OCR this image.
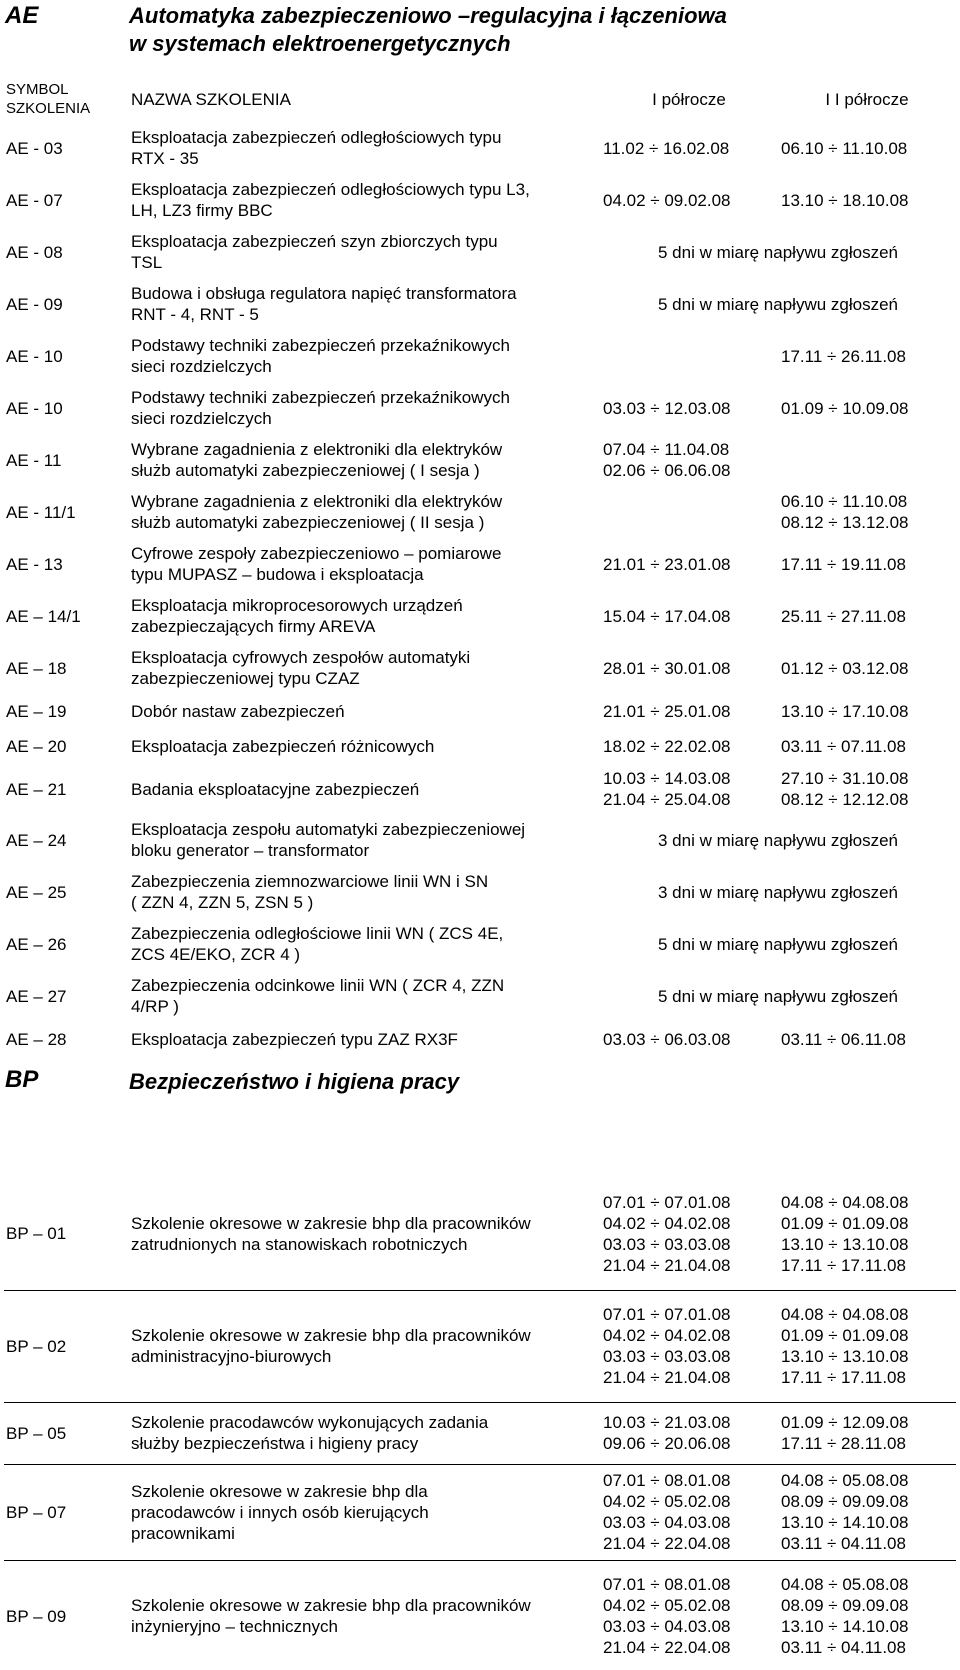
AE	Automatyka zabezpieczeniowo –regulacyjna i łączeniowa
w systemach elektroenergetycznych
SYMBOL
SZKOLENIA	NAZWA SZKOLENIA	I półrocze	I I półrocze
AE - 03	Eksploatacja zabezpieczeń odległościowych typu
RTX - 35	11.02 ÷ 16.02.08	06.10 ÷ 11.10.08

AE - 07	Eksploatacja zabezpieczeń odległościowych typu L3,
LH, LZ3 firmy BBC	04.02 ÷ 09.02.08	13.10 ÷ 18.10.08

AE - 08	Eksploatacja zabezpieczeń szyn zbiorczych typu
TSL	5 dni w miarę napływu zgłoszeń	
AE - 09	Budowa i obsługa regulatora napięć transformatora
RNT - 4, RNT - 5	5 dni w miarę napływu zgłoszeń	
AE - 10	Podstawy techniki zabezpieczeń przekaźnikowych
sieci rozdzielczych		17.11 ÷ 26.11.08

AE - 10	Podstawy techniki zabezpieczeń przekaźnikowych
sieci rozdzielczych	03.03 ÷ 12.03.08	01.09 ÷ 10.09.08

AE - 11	Wybrane zagadnienia z elektroniki dla elektryków
służb automatyki zabezpieczeniowej ( I sesja )	07.04 ÷ 11.04.08
02.06 ÷ 06.06.08	

AE - 11/1	Wybrane zagadnienia z elektroniki dla elektryków
służb automatyki zabezpieczeniowej ( II sesja )		06.10 ÷ 11.10.08
08.12 ÷ 13.12.08

AE - 13	Cyfrowe zespoły zabezpieczeniowo – pomiarowe
typu MUPASZ – budowa i eksploatacja	21.01 ÷ 23.01.08	17.11 ÷ 19.11.08

AE – 14/1	Eksploatacja mikroprocesorowych urządzeń
zabezpieczających firmy AREVA	15.04 ÷ 17.04.08	25.11 ÷ 27.11.08

AE – 18	Eksploatacja cyfrowych zespołów automatyki
zabezpieczeniowej typu CZAZ	28.01 ÷ 30.01.08	01.12 ÷ 03.12.08

AE – 19	Dobór nastaw zabezpieczeń	21.01 ÷ 25.01.08	13.10 ÷ 17.10.08

AE – 20	Eksploatacja zabezpieczeń różnicowych	18.02 ÷ 22.02.08	03.11 ÷ 07.11.08

AE – 21	Badania eksploatacyjne zabezpieczeń	10.03 ÷ 14.03.08
21.04 ÷ 25.04.08	27.10 ÷ 31.10.08
08.12 ÷ 12.12.08

AE – 24	Eksploatacja zespołu automatyki zabezpieczeniowej
bloku generator – transformator	3 dni w miarę napływu zgłoszeń	
AE – 25	Zabezpieczenia ziemnozwarciowe linii WN i SN
( ZZN 4, ZZN 5, ZSN 5 )	3 dni w miarę napływu zgłoszeń	
AE – 26	Zabezpieczenia odległościowe linii WN ( ZCS 4E,
ZCS 4E/EKO, ZCR 4 )	5 dni w miarę napływu zgłoszeń	
AE – 27	Zabezpieczenia odcinkowe linii WN ( ZCR 4, ZZN
4/RP )	5 dni w miarę napływu zgłoszeń	
AE – 28	Eksploatacja zabezpieczeń typu ZAZ RX3F	03.03 ÷ 06.03.08	03.11 ÷ 06.11.08
BP	Bezpieczeństwo i higiena pracy
BP – 01	Szkolenie okresowe w zakresie bhp dla pracowników
zatrudnionych na stanowiskach robotniczych	07.01 ÷ 07.01.08
04.02 ÷ 04.02.08
03.03 ÷ 03.03.08
21.04 ÷ 21.04.08	04.08 ÷ 04.08.08
01.09 ÷ 01.09.08
13.10 ÷ 13.10.08
17.11 ÷ 17.11.08

BP – 02	Szkolenie okresowe w zakresie bhp dla pracowników
administracyjno-biurowych	07.01 ÷ 07.01.08
04.02 ÷ 04.02.08
03.03 ÷ 03.03.08
21.04 ÷ 21.04.08	04.08 ÷ 04.08.08
01.09 ÷ 01.09.08
13.10 ÷ 13.10.08
17.11 ÷ 17.11.08

BP – 05	Szkolenie pracodawców wykonujących zadania
służby bezpieczeństwa i higieny pracy	10.03 ÷ 21.03.08
09.06 ÷ 20.06.08	01.09 ÷ 12.09.08
17.11 ÷ 28.11.08

BP – 07	Szkolenie okresowe w zakresie bhp dla
pracodawców i innych osób kierujących
pracownikami	07.01 ÷ 08.01.08
04.02 ÷ 05.02.08
03.03 ÷ 04.03.08
21.04 ÷ 22.04.08	04.08 ÷ 05.08.08
08.09 ÷ 09.09.08
13.10 ÷ 14.10.08
03.11 ÷ 04.11.08

BP – 09	Szkolenie okresowe w zakresie bhp dla pracowników
inżynieryjno – technicznych	07.01 ÷ 08.01.08
04.02 ÷ 05.02.08
03.03 ÷ 04.03.08
21.04 ÷ 22.04.08	04.08 ÷ 05.08.08
08.09 ÷ 09.09.08
13.10 ÷ 14.10.08
03.11 ÷ 04.11.08
